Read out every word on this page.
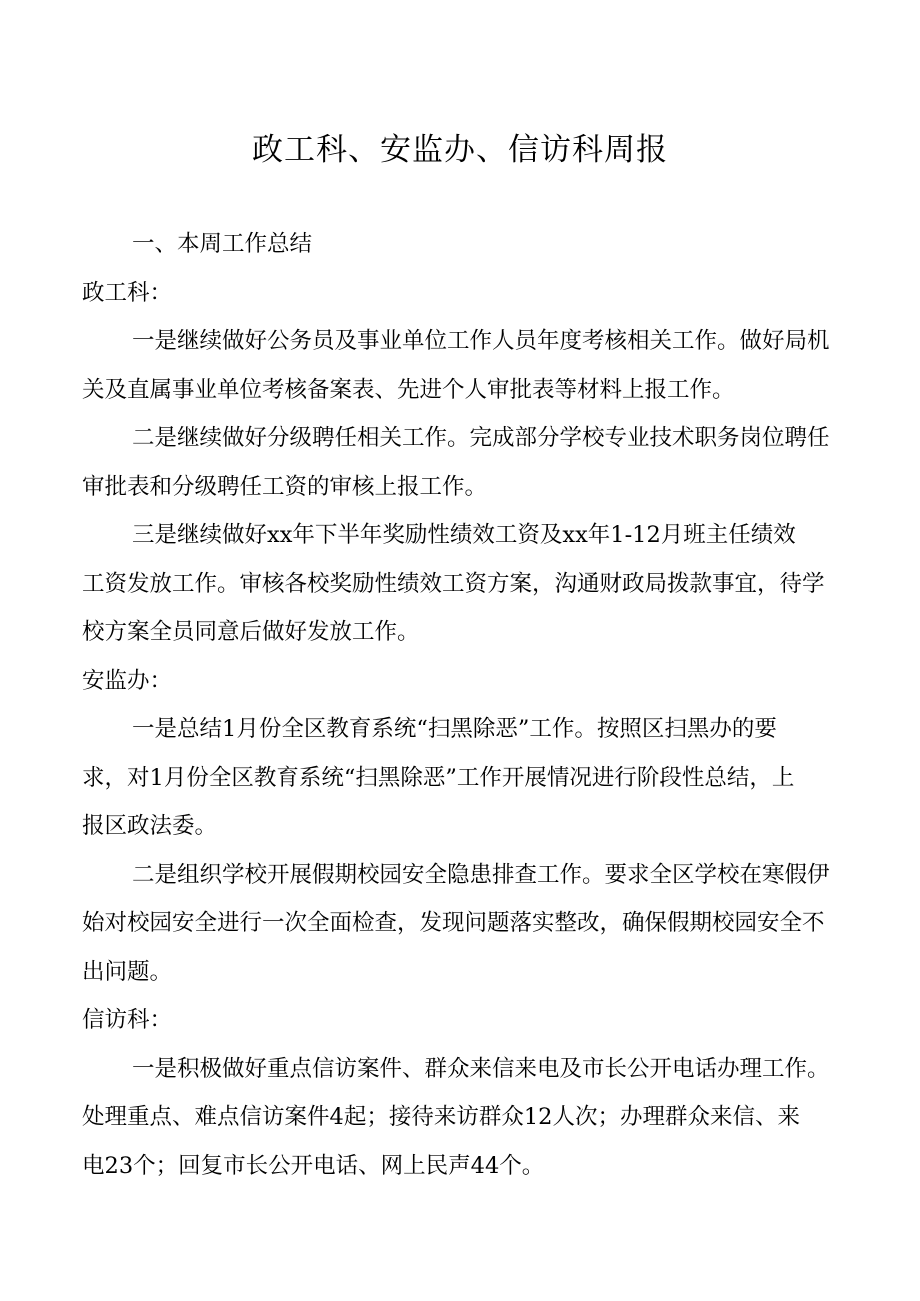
政工科、安监办、信访科周报
一、本周工作总结
政工科：
一是继续做好公务员及事业单位工作人员年度考核相关工作。做好局机
关及直属事业单位考核备案表、先进个人审批表等材料上报工作。
二是继续做好分级聘任相关工作。完成部分学校专业技术职务岗位聘任
审批表和分级聘任工资的审核上报工作。
三是继续做好xx年下半年奖励性绩效工资及xx年1-12月班主任绩效
工资发放工作。审核各校奖励性绩效工资方案，沟通财政局拨款事宜，待学
校方案全员同意后做好发放工作。
安监办：
一是总结1月份全区教育系统“扫黑除恶”工作。按照区扫黑办的要
求，对1月份全区教育系统“扫黑除恶”工作开展情况进行阶段性总结，上
报区政法委。
二是组织学校开展假期校园安全隐患排查工作。要求全区学校在寒假伊
始对校园安全进行一次全面检查，发现问题落实整改，确保假期校园安全不
出问题。
信访科：
一是积极做好重点信访案件、群众来信来电及市长公开电话办理工作。
处理重点、难点信访案件4起；接待来访群众12人次；办理群众来信、来
电23个；回复市长公开电话、网上民声44个。
